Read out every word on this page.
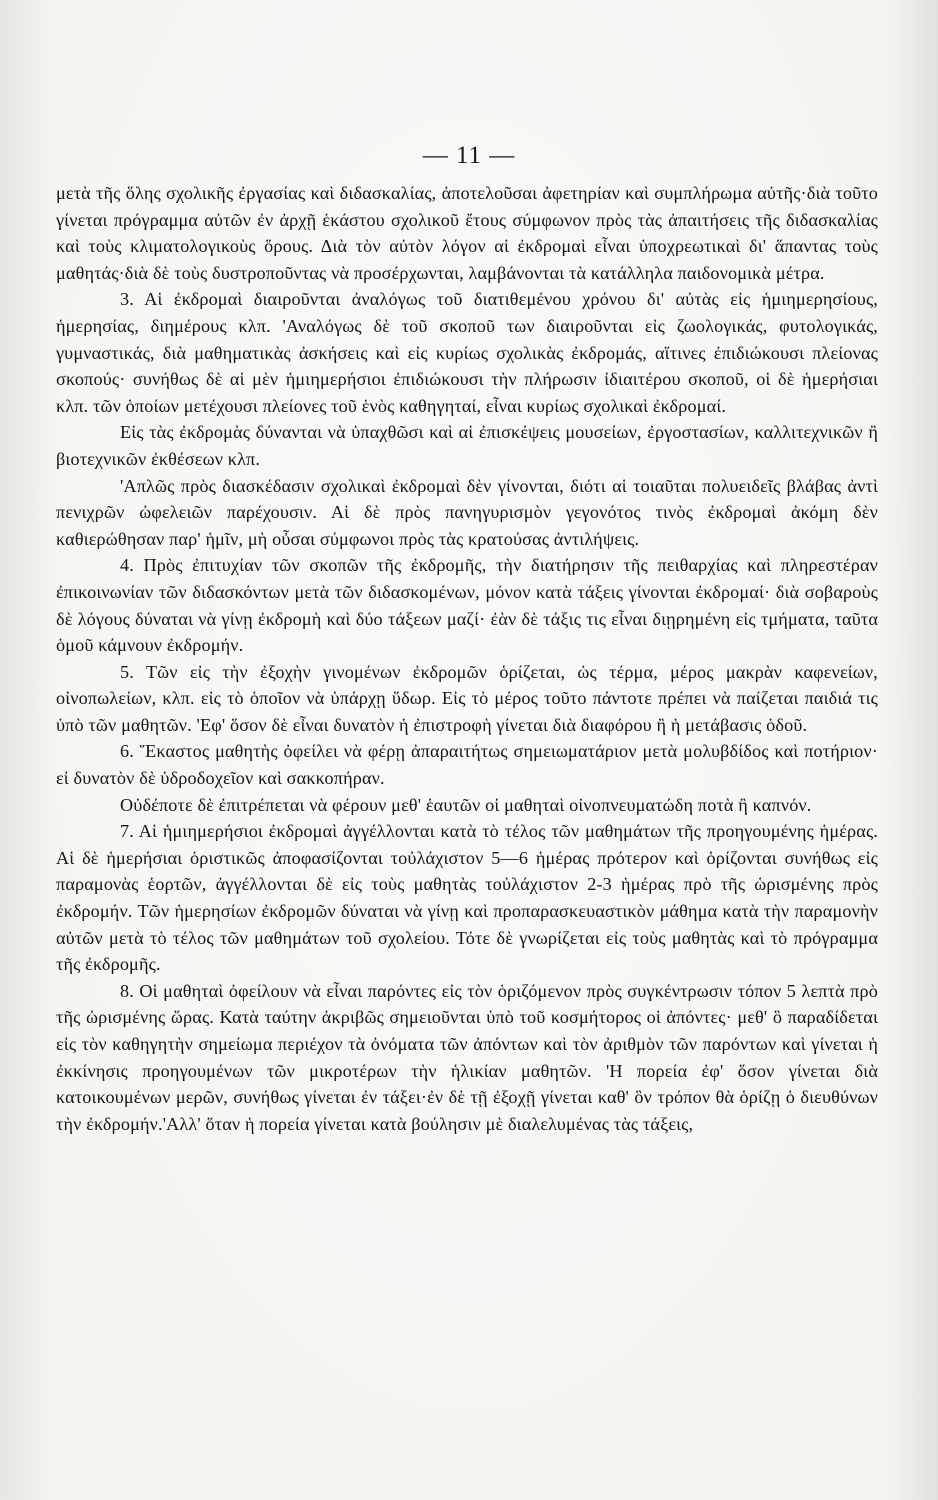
— 11 —

μετὰ τῆς ὅλης σχολικῆς ἐργασίας καὶ διδασκαλίας, ἀποτελοῦσαι ἀφετηρίαν καὶ συμπλήρωμα αὐτῆς·διὰ τοῦτο γίνεται πρόγραμμα αὐτῶν ἐν ἀρχῇ ἑκάστου σχολικοῦ ἔτους σύμφωνον πρὸς τὰς ἀπαιτήσεις τῆς διδασκαλίας καὶ τοὺς κλιματολογικοὺς ὅρους. Διὰ τὸν αὐτὸν λόγον αἱ ἐκδρομαὶ εἶναι ὑποχρεωτικαὶ δι' ἅπαντας τοὺς μαθητάς·διὰ δὲ τοὺς δυστροποῦντας νὰ προσέρχωνται, λαμβάνονται τὰ κατάλληλα παιδονομικὰ μέτρα.

3. Αἱ ἐκδρομαὶ διαιροῦνται ἀναλόγως τοῦ διατιθεμένου χρόνου δι' αὐτὰς εἰς ἡμιημερησίους, ἡμερησίας, διημέρους κλπ. 'Αναλόγως δὲ τοῦ σκοποῦ των διαιροῦνται εἰς ζωολογικάς, φυτολογικάς, γυμναστικάς, διὰ μαθηματικὰς ἀσκήσεις καὶ εἰς κυρίως σχολικὰς ἐκδρομάς, αἵτινες ἐπιδιώκουσι πλείονας σκοπούς· συνήθως δὲ αἱ μὲν ἡμιημερήσιοι ἐπιδιώκουσι τὴν πλήρωσιν ἰδιαιτέρου σκοποῦ, οἱ δὲ ἡμερήσιαι κλπ. τῶν ὁποίων μετέχουσι πλείονες τοῦ ἑνὸς καθηγηταί, εἶναι κυρίως σχολικαὶ ἐκδρομαί.

Εἰς τὰς ἐκδρομὰς δύνανται νὰ ὑπαχθῶσι καὶ αἱ ἐπισκέψεις μουσείων, ἐργοστασίων, καλλιτεχνικῶν ἢ βιοτεχνικῶν ἐκθέσεων κλπ.

'Απλῶς πρὸς διασκέδασιν σχολικαὶ ἐκδρομαὶ δὲν γίνονται, διότι αἱ τοιαῦται πολυειδεῖς βλάβας ἀντὶ πενιχρῶν ὠφελειῶν παρέχουσιν. Αἱ δὲ πρὸς πανηγυρισμὸν γεγονότος τινὸς ἐκδρομαὶ ἀκόμη δὲν καθιερώθησαν παρ' ἡμῖν, μὴ οὖσαι σύμφωνοι πρὸς τὰς κρατούσας ἀντιλήψεις.

4. Πρὸς ἐπιτυχίαν τῶν σκοπῶν τῆς ἐκδρομῆς, τὴν διατήρησιν τῆς πειθαρχίας καὶ πληρεστέραν ἐπικοινωνίαν τῶν διδασκόντων μετὰ τῶν διδασκομένων, μόνον κατὰ τάξεις γίνονται ἐκδρομαί· διὰ σοβαροὺς δὲ λόγους δύναται νὰ γίνῃ ἐκδρομὴ καὶ δύο τάξεων μαζί· ἐὰν δὲ τάξις τις εἶναι διῃρημένη εἰς τμήματα, ταῦτα ὁμοῦ κάμνουν ἐκδρομήν.

5. Τῶν εἰς τὴν ἐξοχὴν γινομένων ἐκδρομῶν ὁρίζεται, ὡς τέρμα, μέρος μακρὰν καφενείων, οἰνοπωλείων, κλπ. εἰς τὸ ὁποῖον νὰ ὑπάρχῃ ὕδωρ. Εἰς τὸ μέρος τοῦτο πάντοτε πρέπει νὰ παίζεται παιδιά τις ὑπὸ τῶν μαθητῶν. 'Εφ' ὅσον δὲ εἶναι δυνατὸν ἡ ἐπιστροφὴ γίνεται διὰ διαφόρου ἢ ἡ μετάβασις ὁδοῦ.

6. Ἕκαστος μαθητὴς ὀφείλει νὰ φέρῃ ἀπαραιτήτως σημειωματάριον μετὰ μολυβδίδος καὶ ποτήριον· εἰ δυνατὸν δὲ ὑδροδοχεῖον καὶ σακκοπήραν.

Οὐδέποτε δὲ ἐπιτρέπεται νὰ φέρουν μεθ' ἑαυτῶν οἱ μαθηταὶ οἰνοπνευματώδη ποτὰ ἢ καπνόν.

7. Αἱ ἡμιημερήσιοι ἐκδρομαὶ ἀγγέλλονται κατὰ τὸ τέλος τῶν μαθημάτων τῆς προηγουμένης ἡμέρας. Αἱ δὲ ἡμερήσιαι ὁριστικῶς ἀποφασίζονται τοὐλάχιστον 5—6 ἡμέρας πρότερον καὶ ὁρίζονται συνήθως εἰς παραμονὰς ἑορτῶν, ἀγγέλλονται δὲ εἰς τοὺς μαθητὰς τοὐλάχιστον 2-3 ἡμέρας πρὸ τῆς ὡρισμένης πρὸς ἐκδρομήν. Τῶν ἡμερησίων ἐκδρομῶν δύναται νὰ γίνῃ καὶ προπαρασκευαστικὸν μάθημα κατὰ τὴν παραμονὴν αὐτῶν μετὰ τὸ τέλος τῶν μαθημάτων τοῦ σχολείου. Τότε δὲ γνωρίζεται εἰς τοὺς μαθητὰς καὶ τὸ πρόγραμμα τῆς ἐκδρομῆς.

8. Οἱ μαθηταὶ ὀφείλουν νὰ εἶναι παρόντες εἰς τὸν ὁριζόμενον πρὸς συγκέντρωσιν τόπον 5 λεπτὰ πρὸ τῆς ὡρισμένης ὥρας. Κατὰ ταύτην ἀκριβῶς σημειοῦνται ὑπὸ τοῦ κοσμήτορος οἱ ἀπόντες· μεθ' ὃ παραδίδεται εἰς τὸν καθηγητὴν σημείωμα περιέχον τὰ ὀνόματα τῶν ἀπόντων καὶ τὸν ἀριθμὸν τῶν παρόντων καὶ γίνεται ἡ ἐκκίνησις προηγουμένων τῶν μικροτέρων τὴν ἡλικίαν μαθητῶν. 'Η πορεία ἐφ' ὅσον γίνεται διὰ κατοικουμένων μερῶν, συνήθως γίνεται ἐν τάξει·ἐν δὲ τῇ ἐξοχῇ γίνεται καθ' ὃν τρόπον θὰ ὁρίζῃ ὁ διευθύνων τὴν ἐκδρομήν.'Αλλ' ὅταν ἡ πορεία γίνεται κατὰ βούλησιν μὲ διαλελυμένας τὰς τάξεις,
